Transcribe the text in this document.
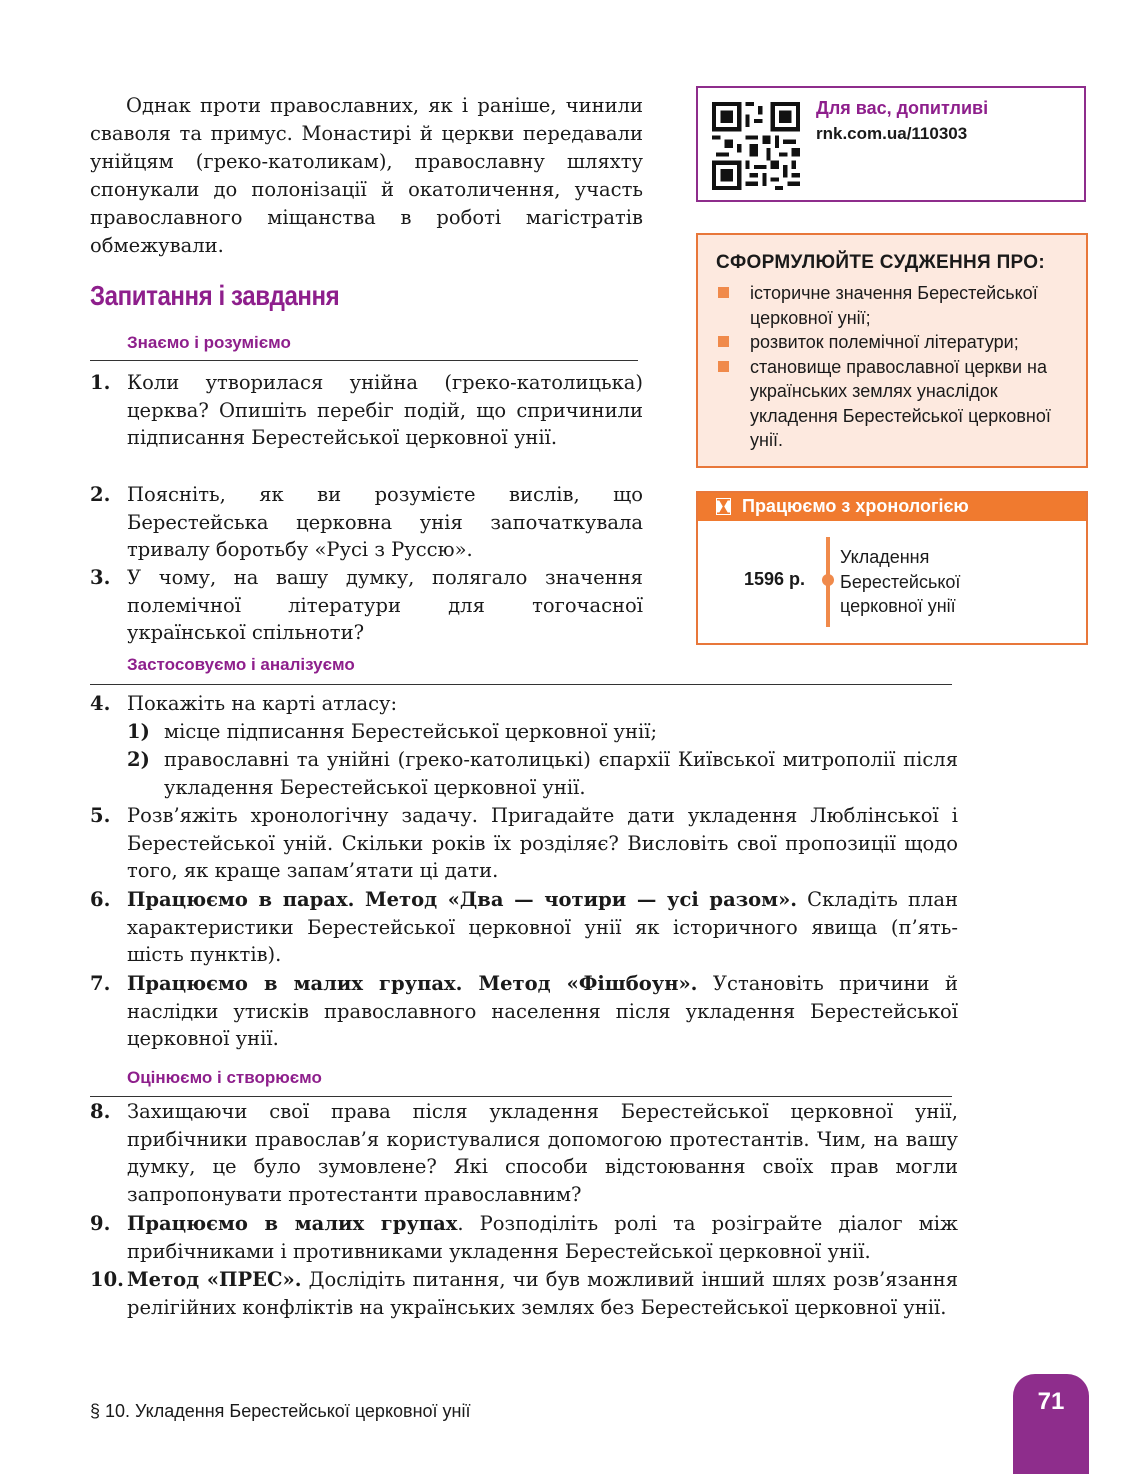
Однак проти православних, як і раніше, чинили сваволя та примус. Монастирі й церкви передавали унійцям (греко-католикам), православну шляхту спонукали до полонізації й окатоличення, участь православного міщанства в роботі магістратів обмежували.

Запитання і завдання
Знаємо і розуміємо
1. Коли утворилася унійна (греко-католицька) церква? Опишіть перебіг подій, що спричинили підписання Берестейської церковної унії.
2. Поясніть, як ви розумієте вислів, що Берестейська церковна унія започаткувала тривалу боротьбу «Русі з Руссю».
3. У чому, на вашу думку, полягало значення полемічної літератури для тогочасної української спільноти?
Застосовуємо і аналізуємо
4. Покажіть на карті атласу:
1) місце підписання Берестейської церковної унії;
2) православні та унійні (греко-католицькі) єпархії Київської митрополії після укладення Берестейської церковної унії.
5. Розв’яжіть хронологічну задачу. Пригадайте дати укладення Люблінської і Берестейської уній. Скільки років їх розділяє? Висловіть свої пропозиції щодо того, як краще запам’ятати ці дати.
6. Працюємо в парах. Метод «Два — чотири — усі разом». Складіть план характеристики Берестейської церковної унії як історичного явища (п’ять-шість пунктів).
7. Працюємо в малих групах. Метод «Фішбоун». Установіть причини й наслідки утисків православного населення після укладення Берестейської церковної унії.
Оцінюємо і створюємо
8. Захищаючи свої права після укладення Берестейської церковної унії, прибічники православ’я користувалися допомогою протестантів. Чим, на вашу думку, це було зумовлене? Які способи відстоювання своїх прав могли запропонувати протестанти православним?
9. Працюємо в малих групах. Розподіліть ролі та розіграйте діалог між прибічниками і противниками укладення Берестейської церковної унії.
10. Метод «ПРЕС». Дослідіть питання, чи був можливий інший шлях розв’язання релігійних конфліктів на українських землях без Берестейської церковної унії.
Для вас, допитливі
rnk.com.ua/110303
СФОРМУЛЮЙТЕ СУДЖЕННЯ ПРО:
історичне значення Берестейської церковної унії;
розвиток полемічної літератури;
становище православної церкви на українських землях унаслідок укладення Берестейської церковної унії.
Працюємо з хронологією
1596 р.
Укладення
Берестейської
церковної унії
§ 10. Укладення Берестейської церковної унії	71
